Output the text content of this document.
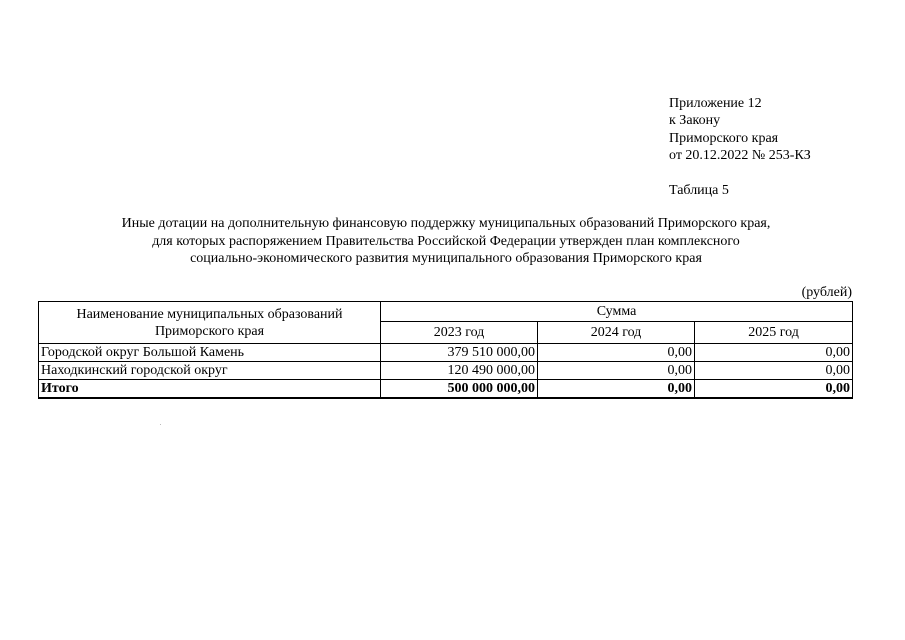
Приложение 12
к Закону
Приморского края
от 20.12.2022 № 253-КЗ
Таблица 5
Иные дотации на дополнительную финансовую поддержку муниципальных образований Приморского края,
для которых распоряжением Правительства Российской Федерации утвержден план комплексного
социально-экономического развития муниципального образования Приморского края
(рублей)
Наименование муниципальных образований
Приморского края	Сумма		
	2023 год	2024 год	2025 год
Городской округ Большой Камень	379 510 000,00	0,00	0,00
Находкинский городской округ	120 490 000,00	0,00	0,00
Итого	500 000 000,00	0,00	0,00
